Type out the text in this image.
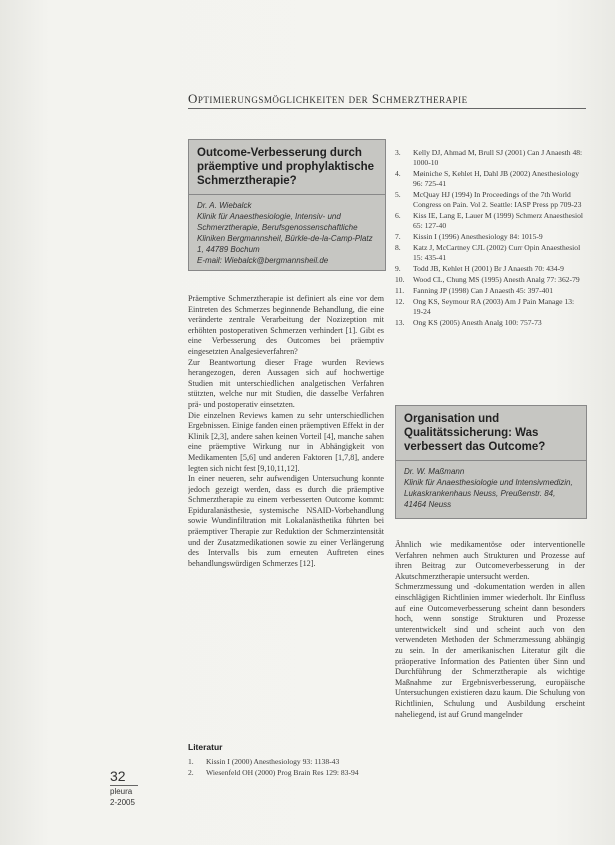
Optimierungsmöglichkeiten der Schmerztherapie
Outcome-Verbesserung durch präemptive und prophylaktische Schmerztherapie?
Dr. A. Wiebalck
Klinik für Anaesthesiologie, Intensiv- und Schmerztherapie, Berufsgenossenschaftliche Kliniken Bergmannsheil, Bürkle-de-la-Camp-Platz 1, 44789 Bochum
E-mail: Wiebalck@bergmannsheil.de

Präemptive Schmerztherapie ist definiert als eine vor dem Eintreten des Schmerzes beginnende Behandlung, die eine veränderte zentrale Verarbeitung der Nozizeption mit erhöhten postoperativen Schmerzen verhindert [1]. Gibt es eine Verbesserung des Outcomes bei präemptiv eingesetzten Analgesieverfahren?

Zur Beantwortung dieser Frage wurden Reviews herangezogen, deren Aussagen sich auf hochwertige Studien mit unterschiedlichen analgetischen Verfahren stützten, welche nur mit Studien, die dasselbe Verfahren prä- und postoperativ einsetzten.

Die einzelnen Reviews kamen zu sehr unterschiedlichen Ergebnissen. Einige fanden einen präemptiven Effekt in der Klinik [2,3], andere sahen keinen Vorteil [4], manche sahen eine präemptive Wirkung nur in Abhängigkeit von Medikamenten [5,6] und anderen Faktoren [1,7,8], andere legten sich nicht fest [9,10,11,12].

In einer neueren, sehr aufwendigen Untersuchung konnte jedoch gezeigt werden, dass es durch die präemptive Schmerztherapie zu einem verbesserten Outcome kommt: Epiduralanästhesie, systemische NSAID-Vorbehandlung sowie Wundinfiltration mit Lokalanästhetika führten bei präemptiver Therapie zur Reduktion der Schmerzintensität und der Zusatzmedikationen sowie zu einer Verlängerung des Intervalls bis zum erneuten Auftreten eines behandlungswürdigen Schmerzes [12].

Literatur
1.	Kissin I (2000) Anesthesiology 93: 1138-43
2.	Wiesenfeld OH (2000) Prog Brain Res 129: 83-94
3.	Kelly DJ, Ahmad M, Brull SJ (2001) Can J Anaesth 48: 1000-10
4.	Møiniche S, Kehlet H, Dahl JB (2002) Anesthesiology 96: 725-41
5.	McQuay HJ (1994) In Proceedings of the 7th World Congress on Pain. Vol 2. Seattle: IASP Press pp 709-23
6.	Kiss IE, Lang E, Lauer M (1999) Schmerz Anaesthesiol 65: 127-40
7.	Kissin I (1996) Anesthesiology 84: 1015-9
8.	Katz J, McCartney CJL (2002) Curr Opin Anaesthesiol 15: 435-41
9.	Todd JB, Kehlet H (2001) Br J Anaesth 70: 434-9
10.	Wood CL, Chung MS (1995) Anesth Analg 77: 362-79
11.	Fanning JP (1998) Can J Anaesth 45: 397-401
12.	Ong KS, Seymour RA (2003) Am J Pain Manage 13: 19-24
13.	Ong KS (2005) Anesth Analg 100: 757-73
Organisation und Qualitätssicherung: Was verbessert das Outcome?
Dr. W. Maßmann
Klinik für Anaesthesiologie und Intensivmedizin, Lukaskrankenhaus Neuss, Preußenstr. 84, 41464 Neuss

Ähnlich wie medikamentöse oder interventionelle Verfahren nehmen auch Strukturen und Prozesse auf ihren Beitrag zur Outcomeverbesserung in der Akutschmerztherapie untersucht werden.

Schmerzmessung und -dokumentation werden in allen einschlägigen Richtlinien immer wiederholt. Ihr Einfluss auf eine Outcomeverbesserung scheint dann besonders hoch, wenn sonstige Strukturen und Prozesse unterentwickelt sind und scheint auch von den verwendeten Methoden der Schmerzmessung abhängig zu sein. In der amerikanischen Literatur gilt die präoperative Information des Patienten über Sinn und Durchführung der Schmerztherapie als wichtige Maßnahme zur Ergebnisverbesserung, europäische Untersuchungen existieren dazu kaum. Die Schulung von Richtlinien, Schulung und Ausbildung erscheint naheliegend, ist auf Grund mangelnder

32
pleura
2-2005
